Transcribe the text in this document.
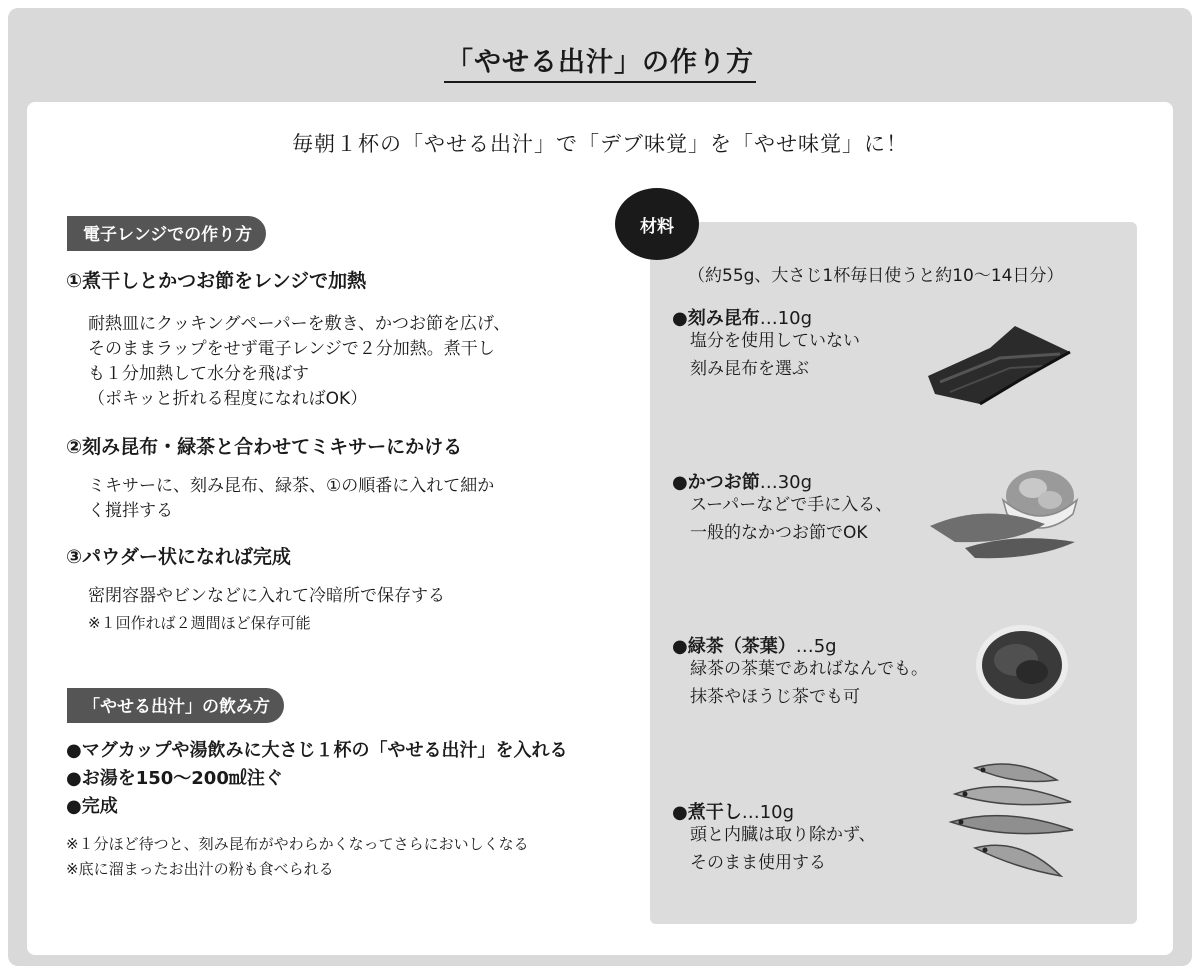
「やせる出汁」の作り方
毎朝１杯の「やせる出汁」で「デブ味覚」を「やせ味覚」に！
電子レンジでの作り方
①煮干しとかつお節をレンジで加熱
耐熱皿にクッキングペーパーを敷き、かつお節を広げ、
そのままラップをせず電子レンジで２分加熱。煮干し
も１分加熱して水分を飛ばす
（ポキッと折れる程度になればOK）
②刻み昆布・緑茶と合わせてミキサーにかける
ミキサーに、刻み昆布、緑茶、①の順番に入れて細か
く撹拌する
③パウダー状になれば完成
密閉容器やビンなどに入れて冷暗所で保存する
※１回作れば２週間ほど保存可能
「やせる出汁」の飲み方
●マグカップや湯飲みに大さじ１杯の「やせる出汁」を入れる
●お湯を150～200㎖注ぐ
●完成
※１分ほど待つと、刻み昆布がやわらかくなってさらにおいしくなる
※底に溜まったお出汁の粉も食べられる
材料
（約55g、大さじ1杯毎日使うと約10～14日分）
●刻み昆布…10g
塩分を使用していない
刻み昆布を選ぶ
●かつお節…30g
スーパーなどで手に入る、
一般的なかつお節でOK
●緑茶（茶葉）…5g
緑茶の茶葉であればなんでも。
抹茶やほうじ茶でも可
●煮干し…10g
頭と内臓は取り除かず、
そのまま使用する
